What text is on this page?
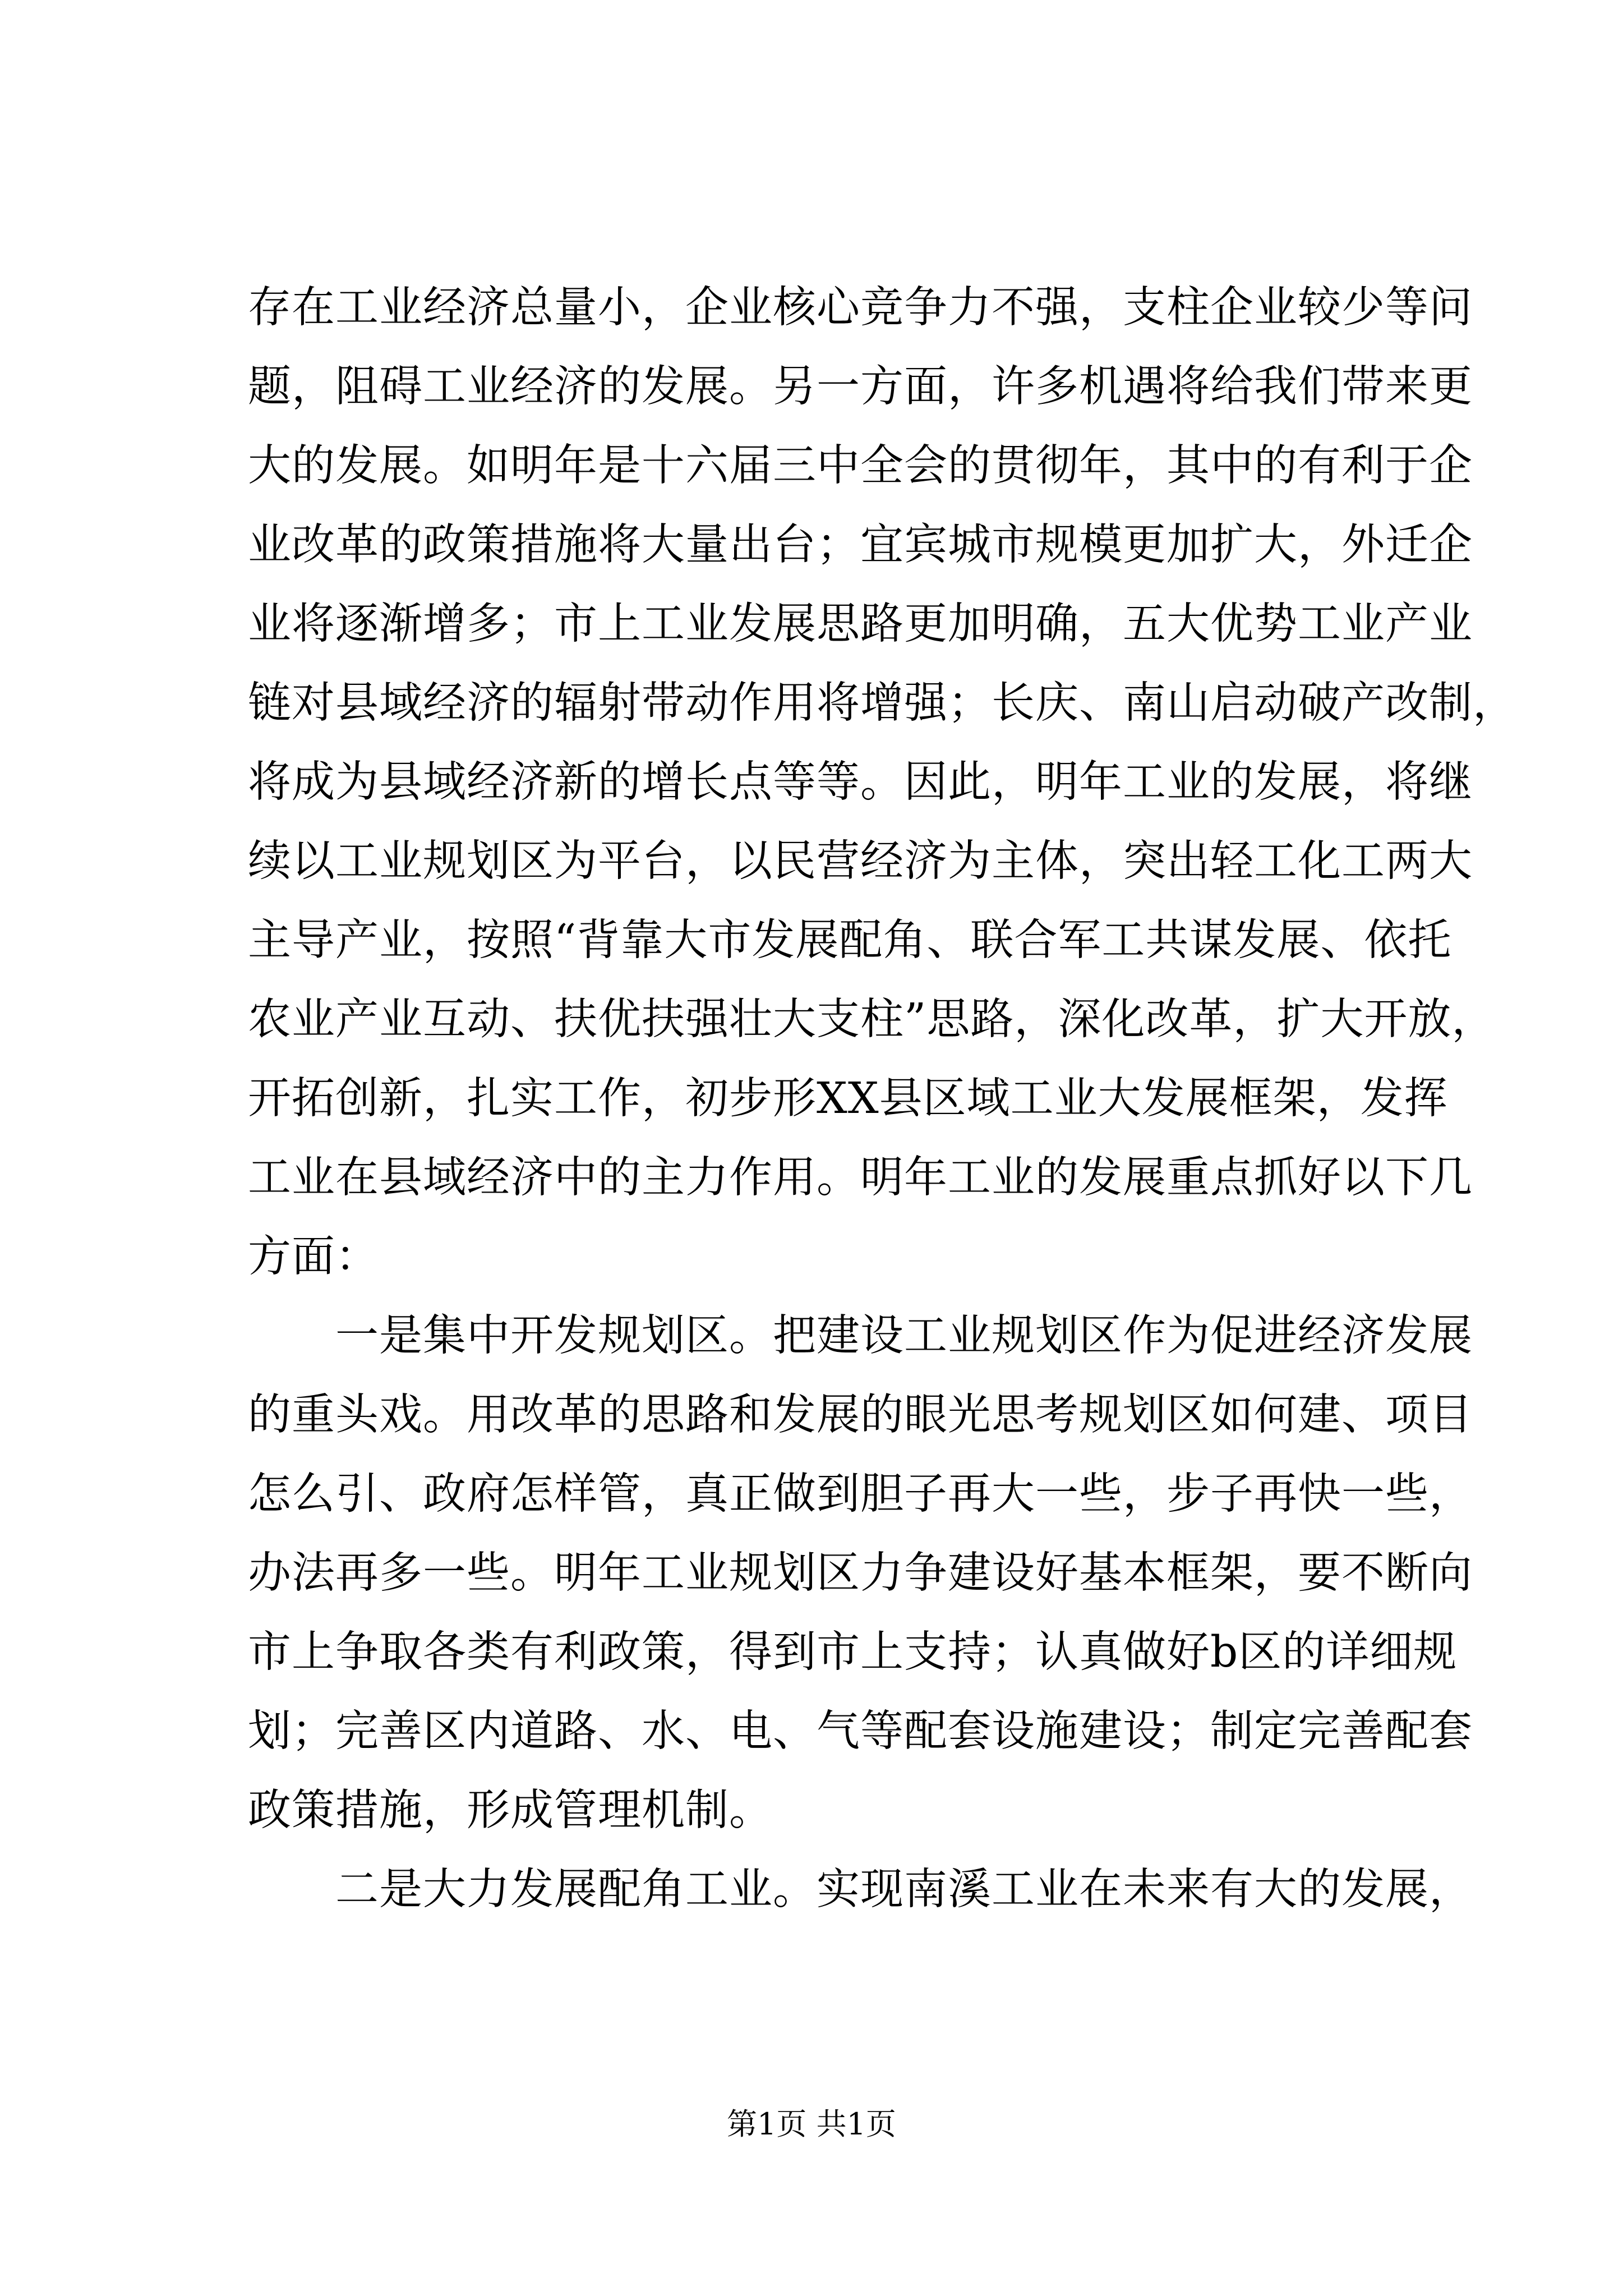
存在工业经济总量小，企业核心竞争力不强，支柱企业较少等问
题，阻碍工业经济的发展。另一方面，许多机遇将给我们带来更
大的发展。如明年是十六届三中全会的贯彻年，其中的有利于企
业改革的政策措施将大量出台；宜宾城市规模更加扩大，外迁企
业将逐渐增多；市上工业发展思路更加明确，五大优势工业产业
链对县域经济的辐射带动作用将增强；长庆、南山启动破产改制，
将成为县域经济新的增长点等等。因此，明年工业的发展，将继
续以工业规划区为平台，以民营经济为主体，突出轻工化工两大
主导产业，按照“背靠大市发展配角、联合军工共谋发展、依托
农业产业互动、扶优扶强壮大支柱”思路，深化改革，扩大开放，
开拓创新，扎实工作，初步形XX县区域工业大发展框架，发挥
工业在县域经济中的主力作用。明年工业的发展重点抓好以下几
方面：
　　一是集中开发规划区。把建设工业规划区作为促进经济发展
的重头戏。用改革的思路和发展的眼光思考规划区如何建、项目
怎么引、政府怎样管，真正做到胆子再大一些，步子再快一些，
办法再多一些。明年工业规划区力争建设好基本框架，要不断向
市上争取各类有利政策，得到市上支持；认真做好b区的详细规
划；完善区内道路、水、电、气等配套设施建设；制定完善配套
政策措施，形成管理机制。
　　二是大力发展配角工业。实现南溪工业在未来有大的发展，
第1页 共1页
